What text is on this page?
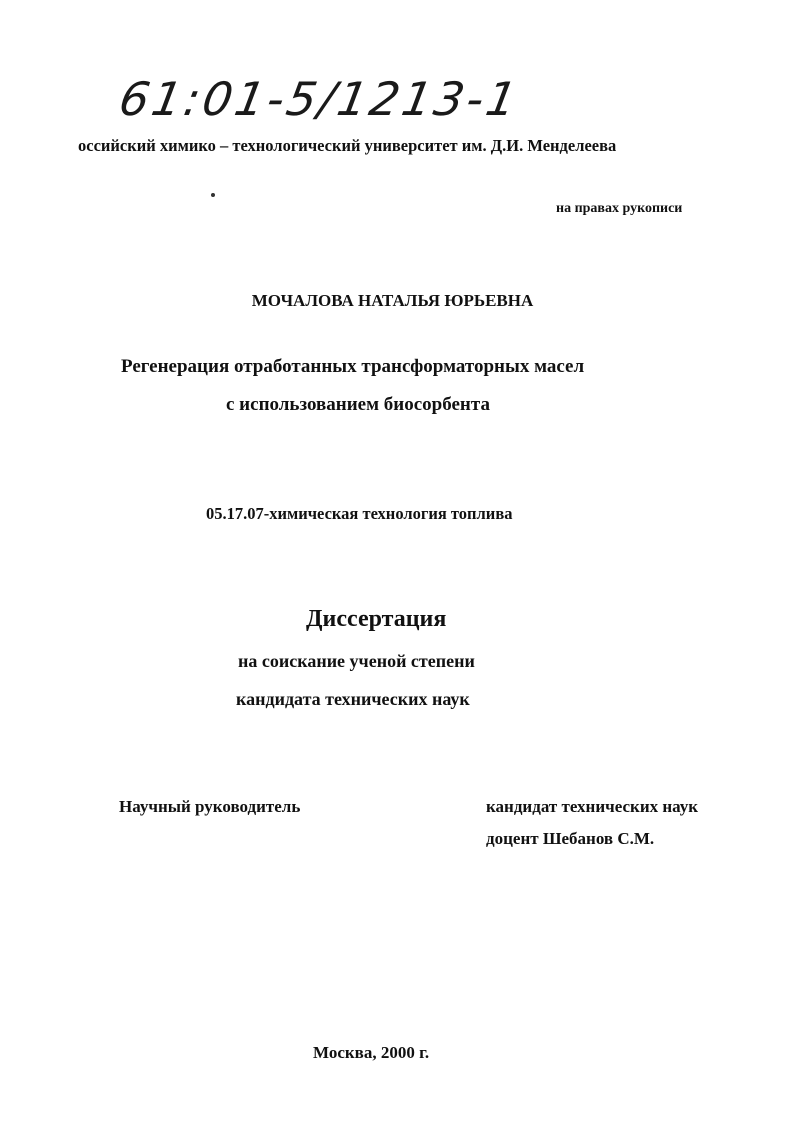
61:01-5/1213-1
оссийский химико – технологический университет им. Д.И. Менделеева
на правах рукописи
МОЧАЛОВА НАТАЛЬЯ ЮРЬЕВНА
Регенерация отработанных трансформаторных масел
с использованием биосорбента
05.17.07-химическая технология топлива
Диссертация
на соискание ученой степени
кандидата технических наук
Научный руководитель	кандидат технических наук
доцент Шебанов С.М.
Москва, 2000 г.
